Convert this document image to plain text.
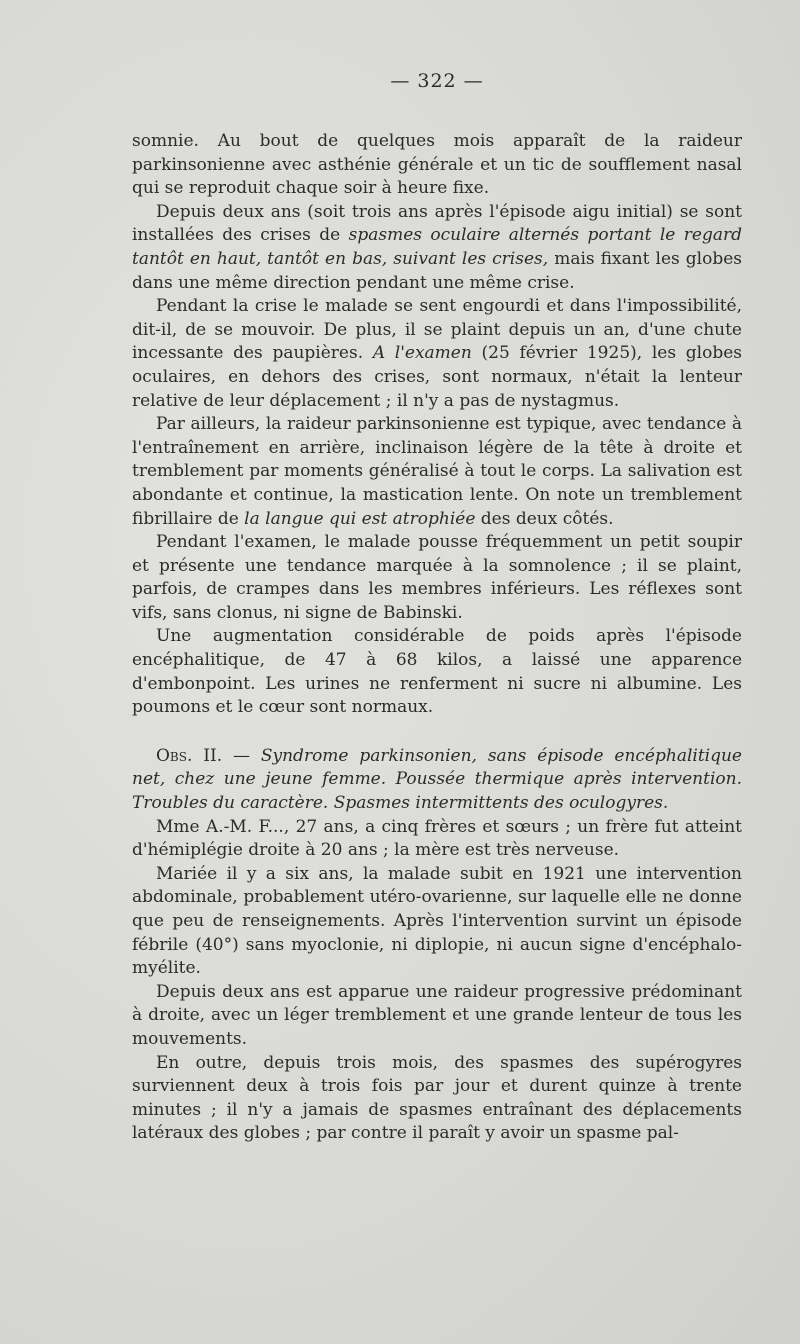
— 322 —

somnie. Au bout de quelques mois apparaît de la raideur parkinsonienne avec asthénie générale et un tic de soufflement nasal qui se reproduit chaque soir à heure fixe.

Depuis deux ans (soit trois ans après l'épisode aigu initial) se sont installées des crises de spasmes oculaire alternés portant le regard tantôt en haut, tantôt en bas, suivant les crises, mais fixant les globes dans une même direction pendant une même crise.

Pendant la crise le malade se sent engourdi et dans l'impossibilité, dit-il, de se mouvoir. De plus, il se plaint depuis un an, d'une chute incessante des paupières. A l'examen (25 février 1925), les globes oculaires, en dehors des crises, sont normaux, n'était la lenteur relative de leur déplacement ; il n'y a pas de nystagmus.

Par ailleurs, la raideur parkinsonienne est typique, avec tendance à l'entraînement en arrière, inclinaison légère de la tête à droite et tremblement par moments généralisé à tout le corps. La salivation est abondante et continue, la mastication lente. On note un tremblement fibrillaire de la langue qui est atrophiée des deux côtés.

Pendant l'examen, le malade pousse fréquemment un petit soupir et présente une tendance marquée à la somnolence ; il se plaint, parfois, de crampes dans les membres inférieurs. Les réflexes sont vifs, sans clonus, ni signe de Babinski.

Une augmentation considérable de poids après l'épisode encéphalitique, de 47 à 68 kilos, a laissé une apparence d'embonpoint. Les urines ne renferment ni sucre ni albumine. Les poumons et le cœur sont normaux.

Obs. II. — Syndrome parkinsonien, sans épisode encéphalitique net, chez une jeune femme. Poussée thermique après intervention. Troubles du caractère. Spasmes intermittents des oculogyres.

Mme A.-M. F..., 27 ans, a cinq frères et sœurs ; un frère fut atteint d'hémiplégie droite à 20 ans ; la mère est très nerveuse.

Mariée il y a six ans, la malade subit en 1921 une intervention abdominale, probablement utéro-ovarienne, sur laquelle elle ne donne que peu de renseignements. Après l'intervention survint un épisode fébrile (40°) sans myoclonie, ni diplopie, ni aucun signe d'encéphalo-myélite.

Depuis deux ans est apparue une raideur progressive prédominant à droite, avec un léger tremblement et une grande lenteur de tous les mouvements.

En outre, depuis trois mois, des spasmes des supérogyres surviennent deux à trois fois par jour et durent quinze à trente minutes ; il n'y a jamais de spasmes entraînant des déplacements latéraux des globes ; par contre il paraît y avoir un spasme pal-
